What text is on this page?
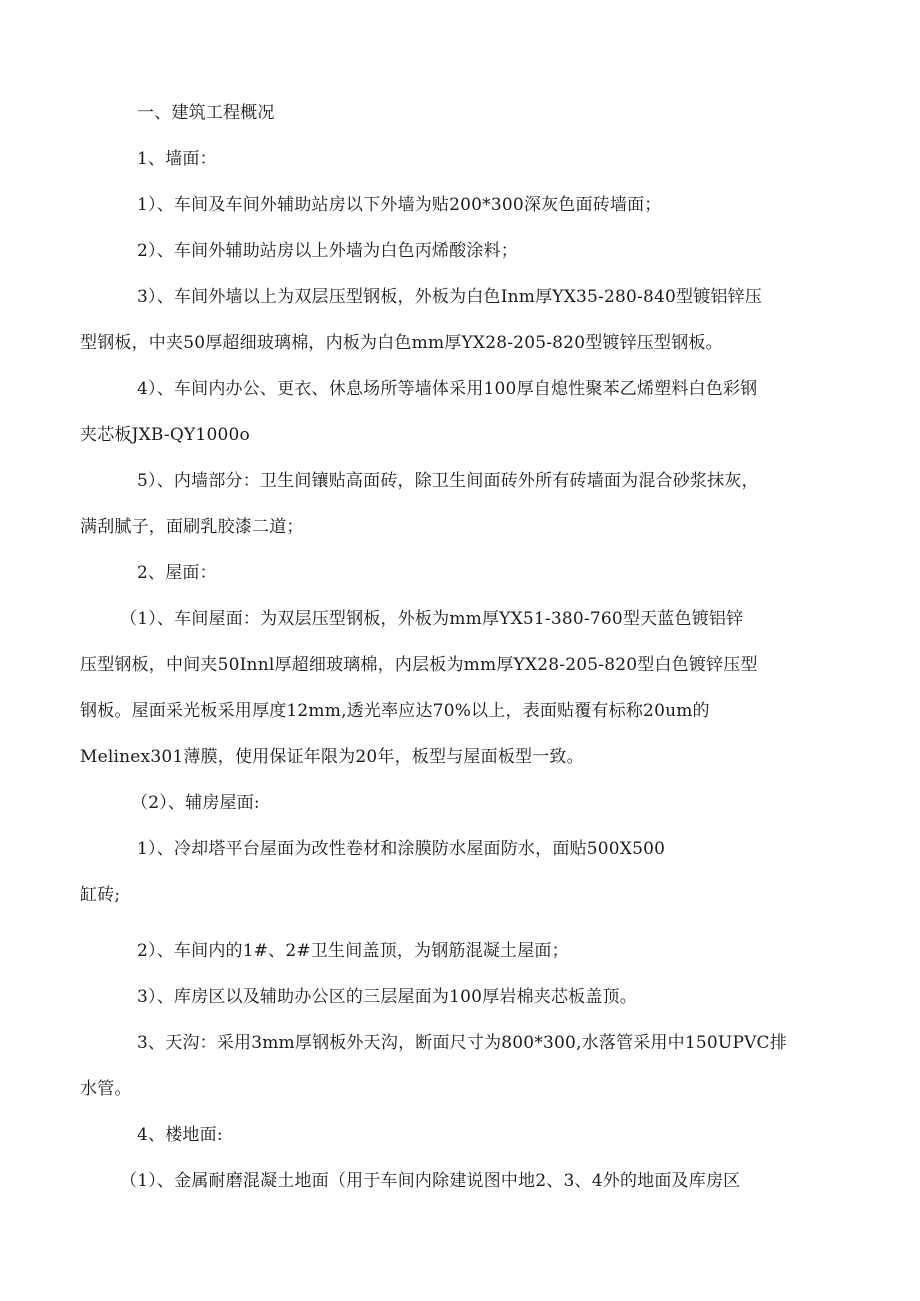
一、建筑工程概况
1、墙面：
1）、车间及车间外辅助站房以下外墙为贴200*300深灰色面砖墙面；
2）、车间外辅助站房以上外墙为白色丙烯酸涂料；
3）、车间外墙以上为双层压型钢板，外板为白色Inm厚YX35-280-840型镀铝锌压
型钢板，中夹50厚超细玻璃棉，内板为白色mm厚YX28-205-820型镀锌压型钢板。
4）、车间内办公、更衣、休息场所等墙体采用100厚自熄性聚苯乙烯塑料白色彩钢
夹芯板JXB-QY1000o
5）、内墙部分：卫生间镶贴高面砖，除卫生间面砖外所有砖墙面为混合砂浆抹灰，
满刮腻子，面刷乳胶漆二道；
2、屋面：
（1）、车间屋面：为双层压型钢板，外板为mm厚YX51-380-760型天蓝色镀铝锌
压型钢板，中间夹50Innl厚超细玻璃棉，内层板为mm厚YX28-205-820型白色镀锌压型
钢板。屋面采光板采用厚度12mm,透光率应达70%以上，表面贴覆有标称20um的
Melinex301薄膜，使用保证年限为20年，板型与屋面板型一致。
（2）、辅房屋面:
1）、冷却塔平台屋面为改性卷材和涂膜防水屋面防水，面贴500X500
缸砖;
2）、车间内的1#、2#卫生间盖顶，为钢筋混凝土屋面；
3）、库房区以及辅助办公区的三层屋面为100厚岩棉夹芯板盖顶。
3、天沟：采用3mm厚钢板外天沟，断面尺寸为800*300,水落管采用中150UPVC排
水管。
4、楼地面:
（1）、金属耐磨混凝土地面（用于车间内除建说图中地2、3、4外的地面及库房区
